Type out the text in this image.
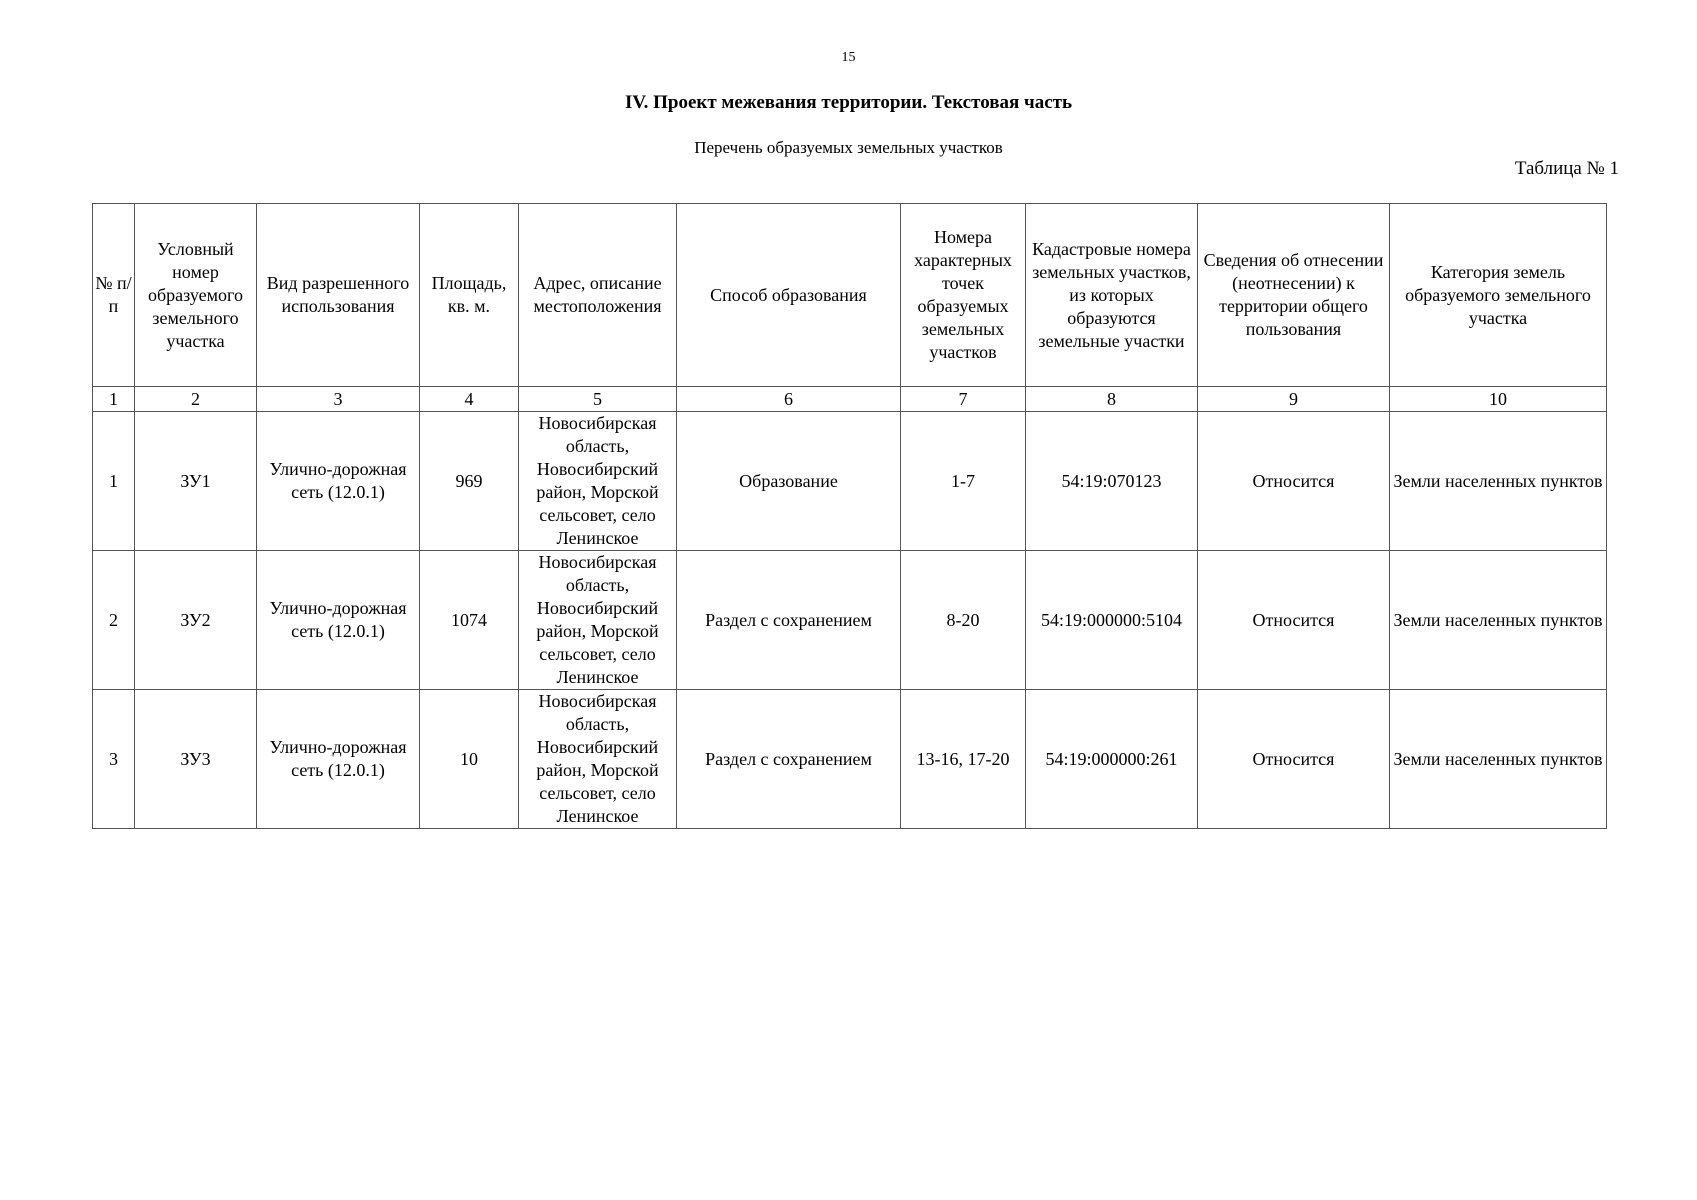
15
IV. Проект межевания территории. Текстовая часть
Перечень образуемых земельных участков
Таблица № 1
№ п/п	Условный номер образуемого земельного участка	Вид разрешенного использования	Площадь, кв. м.	Адрес, описание местоположения	Способ образования	Номера характерных точек образуемых земельных участков	Кадастровые номера земельных участков, из которых образуются земельные участки	Сведения об отнесении (неотнесении) к территории общего пользования	Категория земель образуемого земельного участка
1	2	3	4	5	6	7	8	9	10
1	ЗУ1	Улично-дорожная сеть (12.0.1)	969	Новосибирская область, Новосибирский район, Морской сельсовет, село Ленинское	Образование	1-7	54:19:070123	Относится	Земли населенных пунктов
2	ЗУ2	Улично-дорожная сеть (12.0.1)	1074	Новосибирская область, Новосибирский район, Морской сельсовет, село Ленинское	Раздел с сохранением	8-20	54:19:000000:5104	Относится	Земли населенных пунктов
3	ЗУ3	Улично-дорожная сеть (12.0.1)	10	Новосибирская область, Новосибирский район, Морской сельсовет, село Ленинское	Раздел с сохранением	13-16, 17-20	54:19:000000:261	Относится	Земли населенных пунктов
